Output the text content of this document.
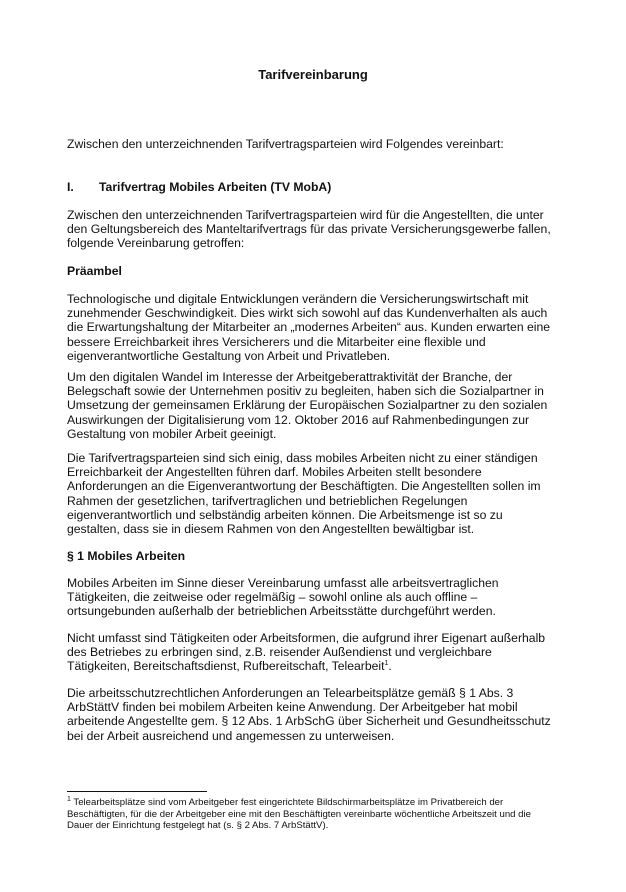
Tarifvereinbarung

Zwischen den unterzeichnenden Tarifvertragsparteien wird Folgendes vereinbart:

I. Tarifvertrag Mobiles Arbeiten (TV MobA)

Zwischen den unterzeichnenden Tarifvertragsparteien wird für die Angestellten, die unter den Geltungsbereich des Manteltarifvertrags für das private Versicherungsgewerbe fallen, folgende Vereinbarung getroffen:

Präambel

Technologische und digitale Entwicklungen verändern die Versicherungswirtschaft mit zunehmender Geschwindigkeit. Dies wirkt sich sowohl auf das Kundenverhalten als auch die Erwartungshaltung der Mitarbeiter an „modernes Arbeiten“ aus. Kunden erwarten eine bessere Erreichbarkeit ihres Versicherers und die Mitarbeiter eine flexible und eigenverantwortliche Gestaltung von Arbeit und Privatleben.

Um den digitalen Wandel im Interesse der Arbeitgeberattraktivität der Branche, der Belegschaft sowie der Unternehmen positiv zu begleiten, haben sich die Sozialpartner in Umsetzung der gemeinsamen Erklärung der Europäischen Sozialpartner zu den sozialen Auswirkungen der Digitalisierung vom 12. Oktober 2016 auf Rahmenbedingungen zur Gestaltung von mobiler Arbeit geeinigt.

Die Tarifvertragsparteien sind sich einig, dass mobiles Arbeiten nicht zu einer ständigen Erreichbarkeit der Angestellten führen darf. Mobiles Arbeiten stellt besondere Anforderungen an die Eigenverantwortung der Beschäftigten. Die Angestellten sollen im Rahmen der gesetzlichen, tarifvertraglichen und betrieblichen Regelungen eigenverantwortlich und selbständig arbeiten können. Die Arbeitsmenge ist so zu gestalten, dass sie in diesem Rahmen von den Angestellten bewältigbar ist.

§ 1 Mobiles Arbeiten

Mobiles Arbeiten im Sinne dieser Vereinbarung umfasst alle arbeitsvertraglichen Tätigkeiten, die zeitweise oder regelmäßig – sowohl online als auch offline – ortsungebunden außerhalb der betrieblichen Arbeitsstätte durchgeführt werden.

Nicht umfasst sind Tätigkeiten oder Arbeitsformen, die aufgrund ihrer Eigenart außerhalb des Betriebes zu erbringen sind, z.B. reisender Außendienst und vergleichbare Tätigkeiten, Bereitschaftsdienst, Rufbereitschaft, Telearbeit$^1$.

Die arbeitsschutzrechtlichen Anforderungen an Telearbeitsplätze gemäß § 1 Abs. 3 ArbStättV finden bei mobilem Arbeiten keine Anwendung. Der Arbeitgeber hat mobil arbeitende Angestellte gem. § 12 Abs. 1 ArbSchG über Sicherheit und Gesundheitsschutz bei der Arbeit ausreichend und angemessen zu unterweisen.

$^1$ Telearbeitsplätze sind vom Arbeitgeber fest eingerichtete Bildschirmarbeitsplätze im Privatbereich der Beschäftigten, für die der Arbeitgeber eine mit den Beschäftigten vereinbarte wöchentliche Arbeitszeit und die Dauer der Einrichtung festgelegt hat (s. § 2 Abs. 7 ArbStättV).
